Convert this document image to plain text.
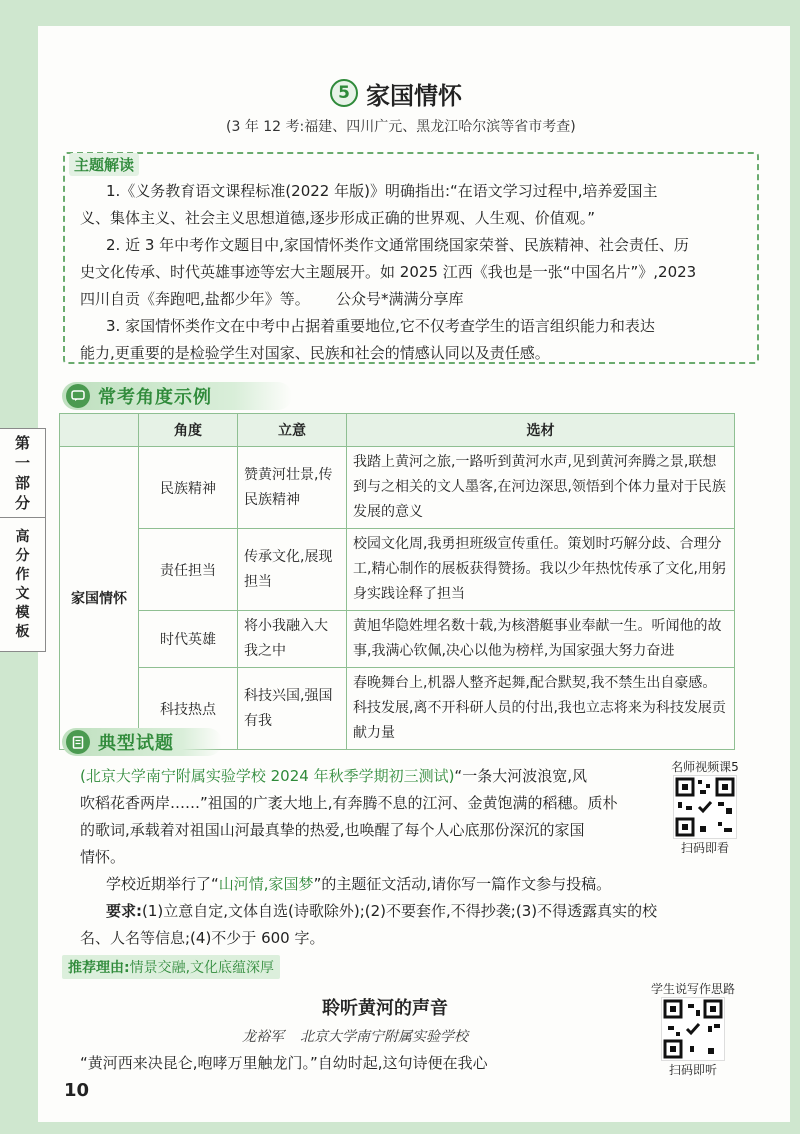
第
一
部
分
高
分
作
文
模
板
5 家国情怀
(3 年 12 考:福建、四川广元、黑龙江哈尔滨等省市考查)
主题解读
1.《义务教育语文课程标准(2022 年版)》明确指出:“在语文学习过程中,培养爱国主
义、集体主义、社会主义思想道德,逐步形成正确的世界观、人生观、价值观。”
2. 近 3 年中考作文题目中,家国情怀类作文通常围绕国家荣誉、民族精神、社会责任、历
史文化传承、时代英雄事迹等宏大主题展开。如 2025 江西《我也是一张“中国名片”》,2023
四川自贡《奔跑吧,盐都少年》等。 公众号*满满分享库
3. 家国情怀类作文在中考中占据着重要地位,它不仅考查学生的语言组织能力和表达
能力,更重要的是检验学生对国家、民族和社会的情感认同以及责任感。
常考角度示例
	角度	立意	选材
家国情怀	民族精神	赞黄河壮景,传民族精神	我踏上黄河之旅,一路听到黄河水声,见到黄河奔腾之景,联想到与之相关的文人墨客,在河边深思,领悟到个体力量对于民族发展的意义
	责任担当	传承文化,展现担当	校园文化周,我勇担班级宣传重任。策划时巧解分歧、合理分工,精心制作的展板获得赞扬。我以少年热忱传承了文化,用躬身实践诠释了担当
	时代英雄	将小我融入大我之中	黄旭华隐姓埋名数十载,为核潜艇事业奉献一生。听闻他的故事,我满心钦佩,决心以他为榜样,为国家强大努力奋进
	科技热点	科技兴国,强国有我	春晚舞台上,机器人整齐起舞,配合默契,我不禁生出自豪感。科技发展,离不开科研人员的付出,我也立志将来为科技发展贡献力量
典型试题
(北京大学南宁附属实验学校 2024 年秋季学期初三测试)“一条大河波浪宽,风
吹稻花香两岸……”祖国的广袤大地上,有奔腾不息的江河、金黄饱满的稻穗。质朴
的歌词,承载着对祖国山河最真挚的热爱,也唤醒了每个人心底那份深沉的家国
情怀。
学校近期举行了“山河情,家国梦”的主题征文活动,请你写一篇作文参与投稿。
要求:(1)立意自定,文体自选(诗歌除外);(2)不要套作,不得抄袭;(3)不得透露真实的校
名、人名等信息;(4)不少于 600 字。
推荐理由:情景交融,文化底蕴深厚
名师视频课5
扫码即看
聆听黄河的声音
龙裕军 北京大学南宁附属实验学校
“黄河西来决昆仑,咆哮万里触龙门。”自幼时起,这句诗便在我心
学生说写作思路
扫码即听
10
